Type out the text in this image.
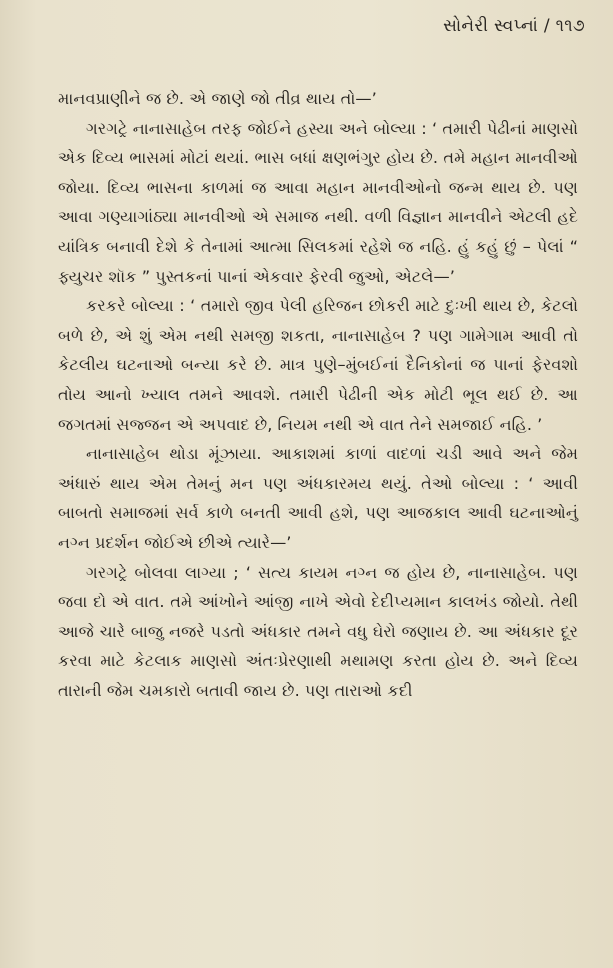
સોનેરી સ્વપ્નાં / ૧૧૭

માનવપ્રાણીને જ છે. એ જાણે જો તીવ્ર થાય તો—’

ગરગટ્રે નાનાસાહેબ તરફ જોઈને હસ્યા અને બોલ્યા : ‘ તમારી પેઢીનાં માણસો એક દિવ્ય ભાસમાં મોટાં થયાં. ભાસ બધાં ક્ષણભંગુર હોય છે. તમે મહાન માનવીઓ જોયા. દિવ્ય ભાસના કાળમાં જ આવા મહાન માનવીઓનો જન્મ થાય છે. પણ આવા ગણ્યાગાંઠ્યા માનવીઓ એ સમાજ નથી. વળી વિજ્ઞાન માનવીને એટલી હદે યાંત્રિક બનાવી દેશે કે તેનામાં આત્મા સિલકમાં રહેશે જ નહિ. હું કહું છું – પેલાં “ ફ્યુચર શૉક ” પુસ્તકનાં પાનાં એકવાર ફેરવી જુઓ, એટલે—’

કરકરે બોલ્યા : ‘ તમારો જીવ પેલી હરિજન છોકરી માટે દુઃખી થાય છે, કેટલો બળે છે, એ શું એમ નથી સમજી શકતા, નાનાસાહેબ ? પણ ગામેગામ આવી તો કેટલીય ઘટનાઓ બન્યા કરે છે. માત્ર પુણે–મુંબઈનાં દૈનિકોનાં જ પાનાં ફેરવશો તોય આનો ખ્યાલ તમને આવશે. તમારી પેઢીની એક મોટી ભૂલ થઈ છે. આ જગતમાં સજ્જન એ અપવાદ છે, નિયમ નથી એ વાત તેને સમજાઈ નહિ. ’

નાનાસાહેબ થોડા મૂંઝાયા. આકાશમાં કાળાં વાદળાં ચડી આવે અને જેમ અંધારું થાય એમ તેમનું મન પણ અંધકારમય થયું. તેઓ બોલ્યા : ‘ આવી બાબતો સમાજમાં સર્વ કાળે બનતી આવી હશે, પણ આજકાલ આવી ઘટનાઓનું નગ્ન પ્રદર્શન જોઈએ છીએ ત્યારે—’

ગરગટ્રે બોલવા લાગ્યા ; ‘ સત્ય કાયમ નગ્ન જ હોય છે, નાનાસાહેબ. પણ જવા દો એ વાત. તમે આંખોને આંજી નાખે એવો દેદીપ્યમાન કાલખંડ જોયો. તેથી આજે ચારે બાજુ નજરે પડતો અંધકાર તમને વધુ ઘેરો જણાય છે. આ અંધકાર દૂર કરવા માટે કેટલાક માણસો અંતઃપ્રેરણાથી મથામણ કરતા હોય છે. અને દિવ્ય તારાની જેમ ચમકારો બતાવી જાય છે. પણ તારાઓ કદી
